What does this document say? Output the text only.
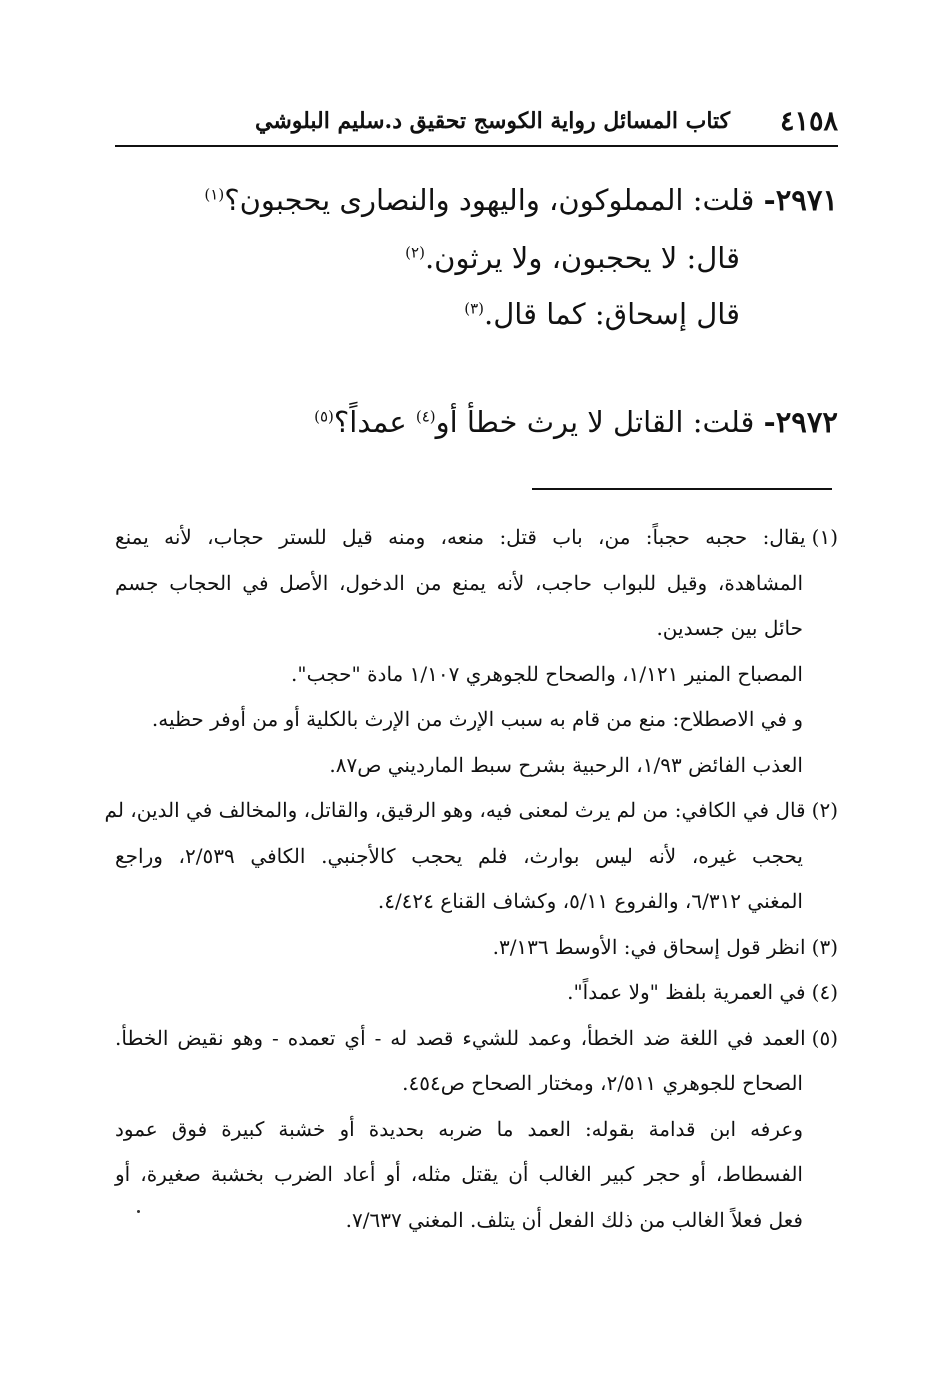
٤١٥٨
كتاب المسائل رواية الكوسج تحقيق د.سليم البلوشي
٢٩٧١- قلت: المملوكون، واليهود والنصارى يحجبون؟$^{(١)}$
قال: لا يحجبون، ولا يرثون.$^{(٢)}$
قال إسحاق: كما قال.$^{(٣)}$
٢٩٧٢- قلت: القاتل لا يرث خطأ أو$^{(٤)}$ عمداً؟$^{(٥)}$
(١)يقال: حجبه حجباً: من، باب قتل: منعه، ومنه قيل للستر حجاب، لأنه يمنع
المشاهدة، وقيل للبواب حاجب، لأنه يمنع من الدخول، الأصل في الحجاب جسم
حائل بين جسدين.
المصباح المنير ١/١٢١، والصحاح للجوهري ١/١٠٧ مادة "حجب".
و في الاصطلاح: منع من قام به سبب الإرث من الإرث بالكلية أو من أوفر حظيه.
العذب الفائض ١/٩٣، الرحبية بشرح سبط المارديني ص٨٧.
(٢)قال في الكافي: من لم يرث لمعنى فيه، وهو الرقيق، والقاتل، والمخالف في الدين، لم
يحجب غيره، لأنه ليس بوارث، فلم يحجب كالأجنبي. الكافي ٢/٥٣٩، وراجع
المغني ٦/٣١٢، والفروع ٥/١١، وكشاف القناع ٤/٤٢٤.
(٣)انظر قول إسحاق في: الأوسط ٣/١٣٦.
(٤)في العمرية بلفظ "ولا عمداً".
(٥)العمد في اللغة ضد الخطأ، وعمد للشيء قصد له - أي تعمده - وهو نقيض الخطأ.
الصحاح للجوهري ٢/٥١١، ومختار الصحاح ص٤٥٤.
وعرفه ابن قدامة بقوله: العمد ما ضربه بحديدة أو خشبة كبيرة فوق عمود
الفسطاط، أو حجر كبير الغالب أن يقتل مثله، أو أعاد الضرب بخشبة صغيرة، أو
فعل فعلاً الغالب من ذلك الفعل أن يتلف. المغني ٧/٦٣٧.
